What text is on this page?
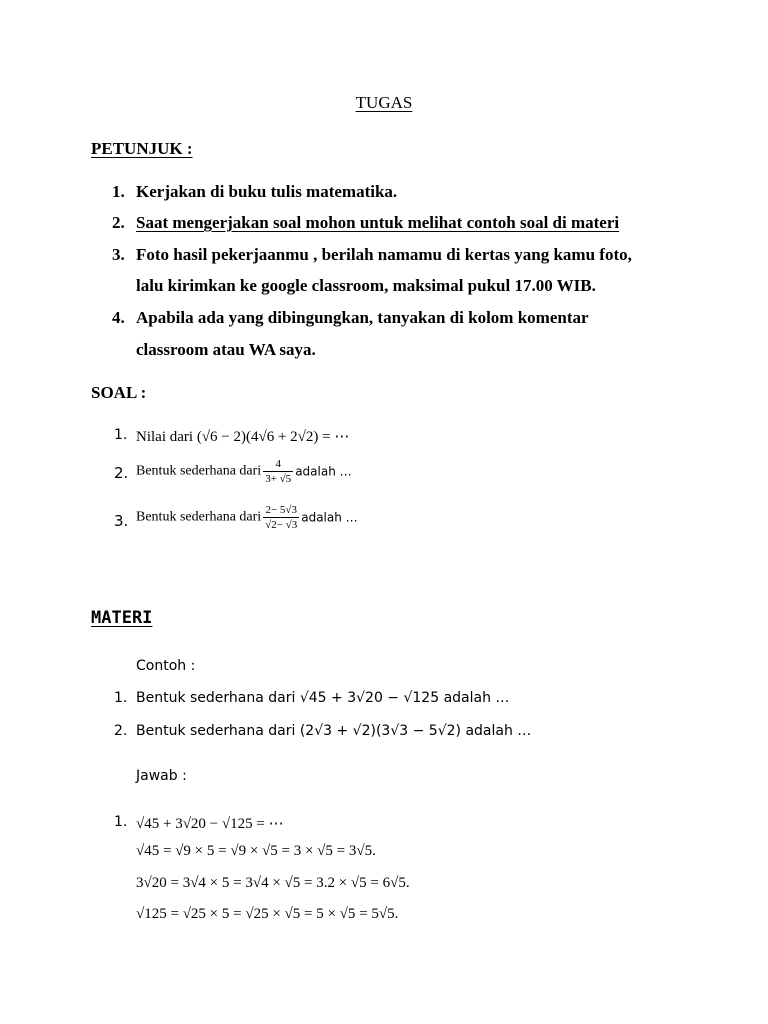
TUGAS
PETUNJUK :
1. Kerjakan di buku tulis matematika.
2. Saat mengerjakan soal mohon untuk melihat contoh soal di materi
3. Foto hasil pekerjaanmu , berilah namamu di kertas yang kamu foto,
lalu kirimkan ke google classroom, maksimal pukul 17.00 WIB.
4. Apabila ada yang dibingungkan, tanyakan di kolom komentar
classroom atau WA saya.
SOAL :
1. Nilai dari (√6 − 2)(4√6 + 2√2) = ⋯
2. Bentuk sederhana dari $\frac{4}{3+ √5}$ adalah …
3. Bentuk sederhana dari $\frac{2- 5√3}{√2- √3}$ adalah …
MATERI
Contoh :
1. Bentuk sederhana dari √45 + 3√20 − √125 adalah …
2. Bentuk sederhana dari (2√3 + √2)(3√3 − 5√2) adalah …
Jawab :
1. √45 + 3√20 − √125 = ⋯
√45 = √9 × 5 = √9 × √5 = 3 × √5 = 3√5.
3√20 = 3√4 × 5 = 3√4 × √5 = 3.2 × √5 = 6√5.
√125 = √25 × 5 = √25 × √5 = 5 × √5 = 5√5.
